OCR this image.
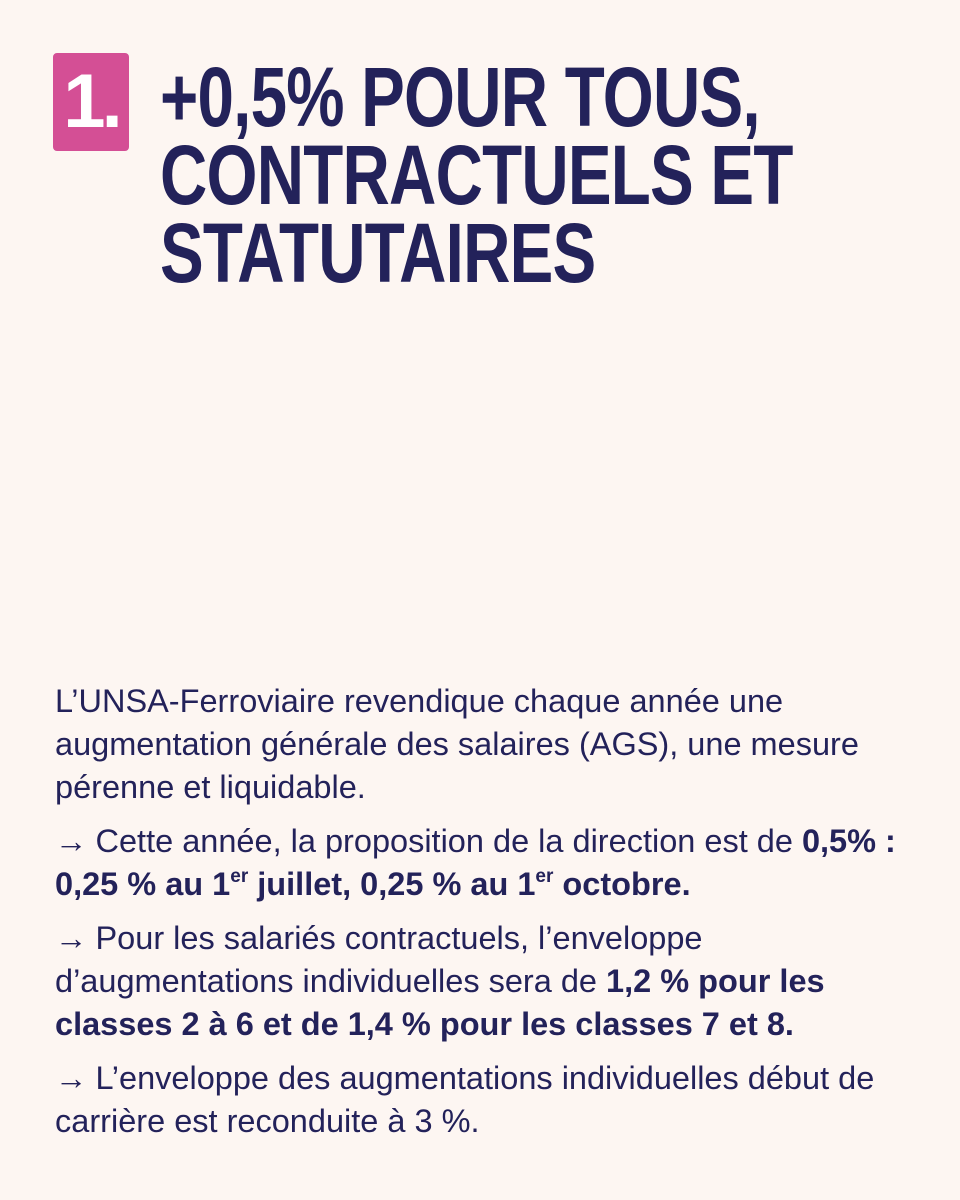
1. +0,5% POUR TOUS,
CONTRACTUELS ET
STATUTAIRES

L’UNSA-Ferroviaire revendique chaque année une augmentation générale des salaires (AGS), une mesure pérenne et liquidable.

→ Cette année, la proposition de la direction est de 0,5% : 0,25 % au 1er juillet, 0,25 % au 1er octobre.

→ Pour les salariés contractuels, l’enveloppe d’augmentations individuelles sera de 1,2 % pour les classes 2 à 6 et de 1,4 % pour les classes 7 et 8.

→ L’enveloppe des augmentations individuelles début de carrière est reconduite à 3 %.
